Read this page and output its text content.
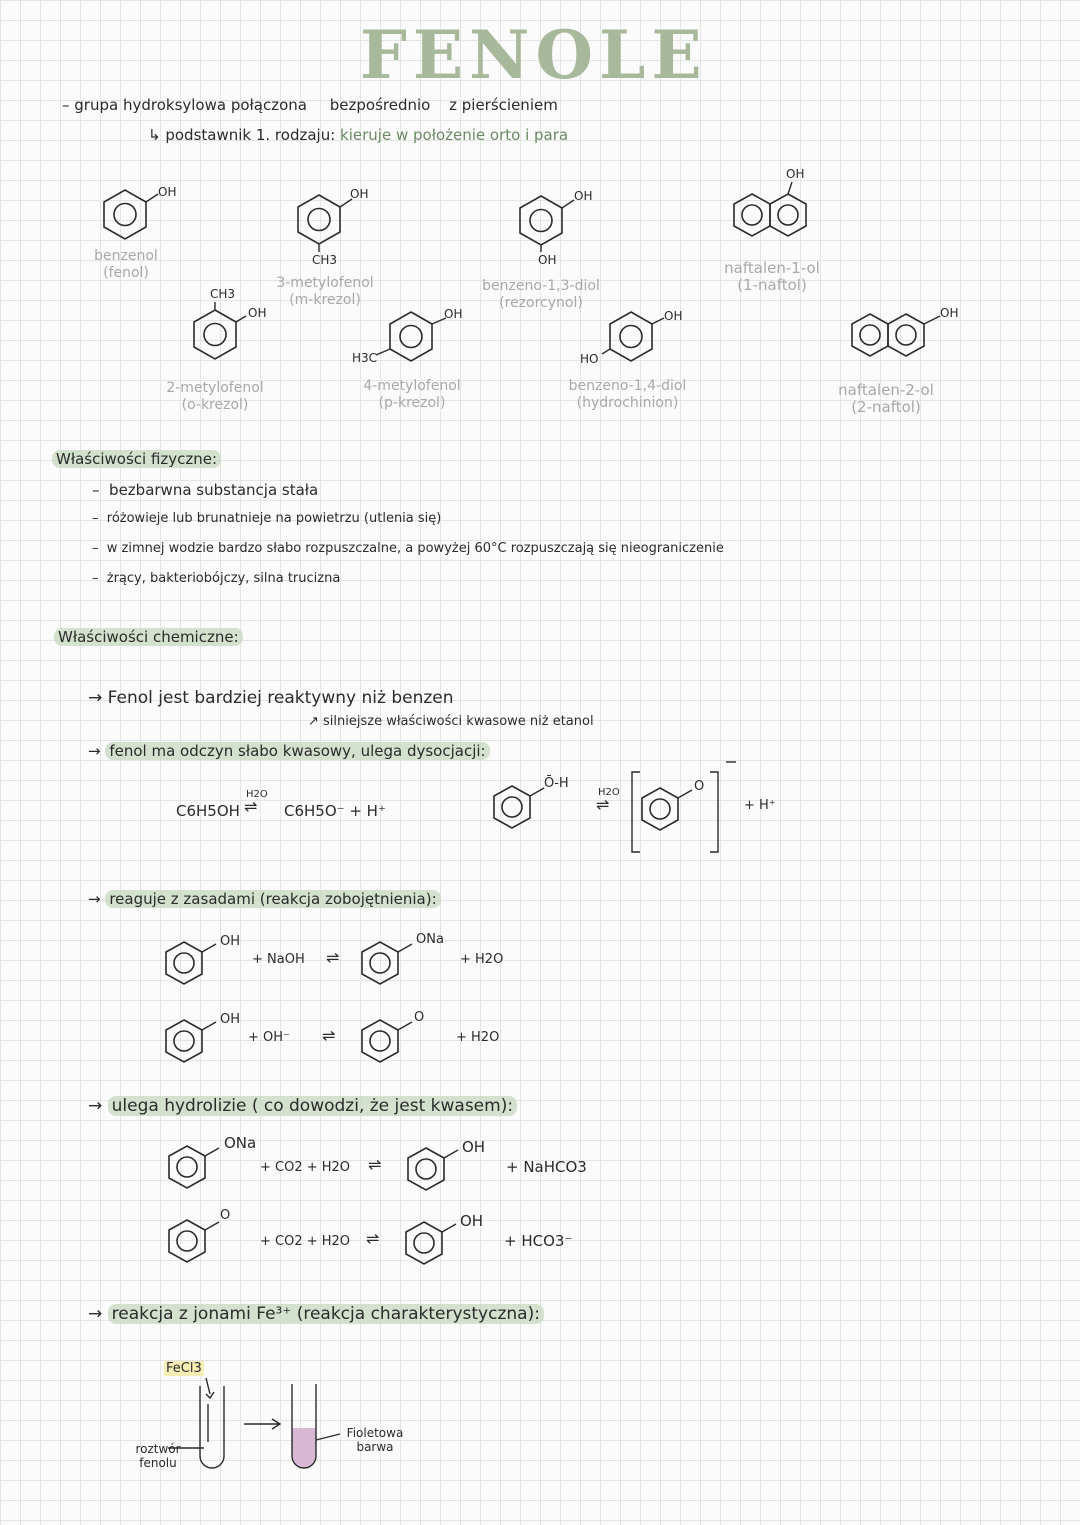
FENOLE
– grupa hydroksylowa połączona bezpośrednio z pierścieniem
↳ podstawnik 1. rodzaju: kieruje w położenie orto i para
OH
benzenol
(fenol)
OH
CH3
3-metylofenol
(m-krezol)
OH
OH
benzeno-1,3-diol
(rezorcynol)
OH
naftalen-1-ol
(1-naftol)
CH3
OH
2-metylofenol
(o-krezol)
OH
H3C
4-metylofenol
(p-krezol)
OH
HO
benzeno-1,4-diol
(hydrochinion)
OH
naftalen-2-ol
(2-naftol)
Właściwości fizyczne:
–  bezbarwna substancja stała
–  różowieje lub brunatnieje na powietrzu (utlenia się)
–  w zimnej wodzie bardzo słabo rozpuszczalne, a powyżej 60°C rozpuszczają się nieograniczenie
–  żrący, bakteriobójczy, silna trucizna
Właściwości chemiczne:
→ Fenol jest bardziej reaktywny niż benzen
↗ silniejsze właściwości kwasowe niż etanol
→ fenol ma odczyn słabo kwasowy, ulega dysocjacji:
C6H5OH
H2O
⇌ C6H5O⁻ + H⁺
Ō-H
H2O
⇌
O
+ H⁺
→ reaguje z zasadami (reakcja zobojętnienia):
OH
+ NaOH ⇌
ONa
+ H2O
OH
+ OH⁻ ⇌
O
+ H2O
→ ulega hydrolizie ( co dowodzi, że jest kwasem):
ONa
+ CO2 + H2O ⇌
OH
+ NaHCO3
O
+ CO2 + H2O ⇌
OH
+ HCO3⁻
→ reakcja z jonami Fe³⁺ (reakcja charakterystyczna):
FeCl3
roztwór fenolu
Fioletowa barwa
